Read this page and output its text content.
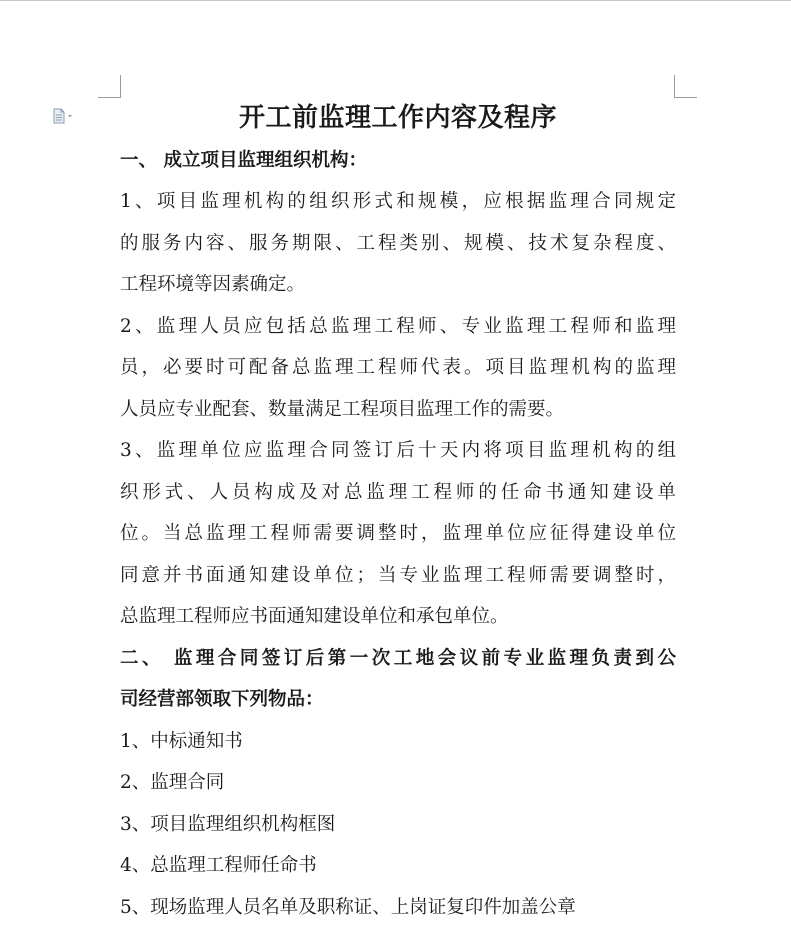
开工前监理工作内容及程序
一、 成立项目监理组织机构：
1、项目监理机构的组织形式和规模，应根据监理合同规定
的服务内容、服务期限、工程类别、规模、技术复杂程度、
工程环境等因素确定。
2、监理人员应包括总监理工程师、专业监理工程师和监理
员，必要时可配备总监理工程师代表。项目监理机构的监理
人员应专业配套、数量满足工程项目监理工作的需要。
3、监理单位应监理合同签订后十天内将项目监理机构的组
织形式、人员构成及对总监理工程师的任命书通知建设单
位。当总监理工程师需要调整时，监理单位应征得建设单位
同意并书面通知建设单位；当专业监理工程师需要调整时，
总监理工程师应书面通知建设单位和承包单位。
二、 监理合同签订后第一次工地会议前专业监理负责到公
司经营部领取下列物品：
1、中标通知书
2、监理合同
3、项目监理组织机构框图
4、总监理工程师任命书
5、现场监理人员名单及职称证、上岗证复印件加盖公章
